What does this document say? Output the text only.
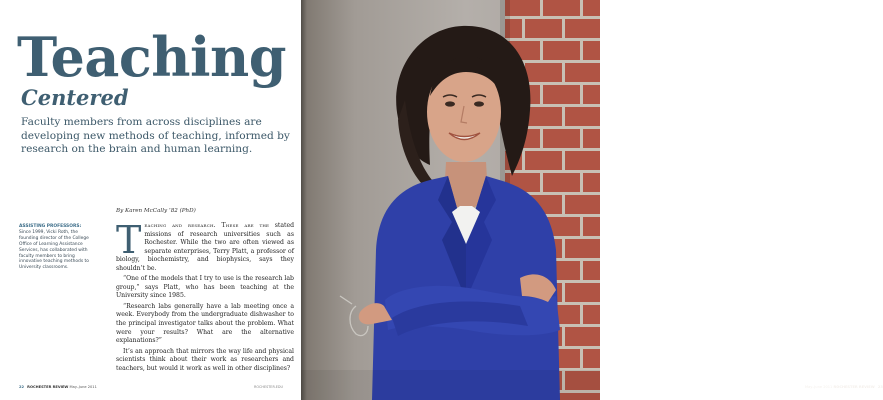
Teaching
Centered

Faculty members from across disciplines are developing new methods of teaching, informed by research on the brain and human learning.

ASSISTING PROFESSORS: Since 1999, Vicki Roth, the founding director of the College Office of Learning Assistance Services, has collaborated with faculty members to bring innovative teaching methods to University classrooms.
By Karen McCally ’82 (PhD)

Teaching and research. These are the stated missions of research universities such as Rochester. While the two are often viewed as separate enterprises, Terry Platt, a professor of biology, biochemistry, and biophysics, says they shouldn’t be.

“One of the models that I try to use is the research lab group,” says Platt, who has been teaching at the University since 1985.

“Research labs generally have a lab meeting once a week. Everybody from the undergraduate dishwasher to the principal investigator talks about the problem. What were your results? What are the alternative explanations?”

It’s an approach that mirrors the way life and physical scientists think about their work as researchers and teachers, but would it work as well in other disciplines?

22 ROCHESTER REVIEW May–June 2011	ROCHESTER.EDU	May–June 2011 ROCHESTER REVIEW 23
